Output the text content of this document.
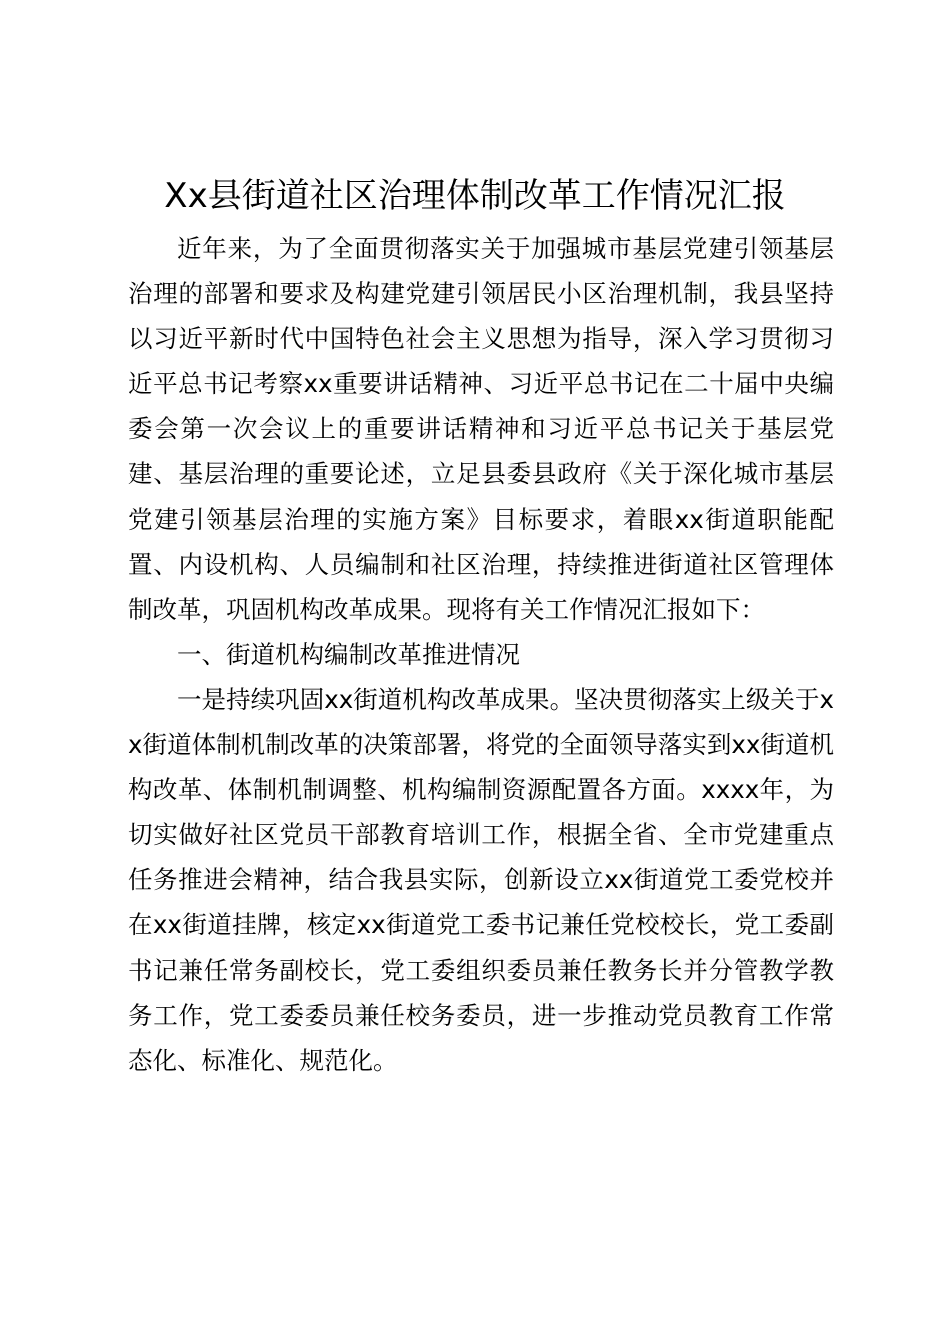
Xx县街道社区治理体制改革工作情况汇报

近年来，为了全面贯彻落实关于加强城市基层党建引领基层治理的部署和要求及构建党建引领居民小区治理机制，我县坚持以习近平新时代中国特色社会主义思想为指导，深入学习贯彻习近平总书记考察xx重要讲话精神、习近平总书记在二十届中央编委会第一次会议上的重要讲话精神和习近平总书记关于基层党建、基层治理的重要论述，立足县委县政府《关于深化城市基层党建引领基层治理的实施方案》目标要求，着眼xx街道职能配置、内设机构、人员编制和社区治理，持续推进街道社区管理体制改革，巩固机构改革成果。现将有关工作情况汇报如下：

一、街道机构编制改革推进情况

一是持续巩固xx街道机构改革成果。坚决贯彻落实上级关于xx街道体制机制改革的决策部署，将党的全面领导落实到xx街道机构改革、体制机制调整、机构编制资源配置各方面。xxxx年，为切实做好社区党员干部教育培训工作，根据全省、全市党建重点任务推进会精神，结合我县实际，创新设立xx街道党工委党校并在xx街道挂牌，核定xx街道党工委书记兼任党校校长，党工委副书记兼任常务副校长，党工委组织委员兼任教务长并分管教学教务工作，党工委委员兼任校务委员，进一步推动党员教育工作常态化、标准化、规范化。
